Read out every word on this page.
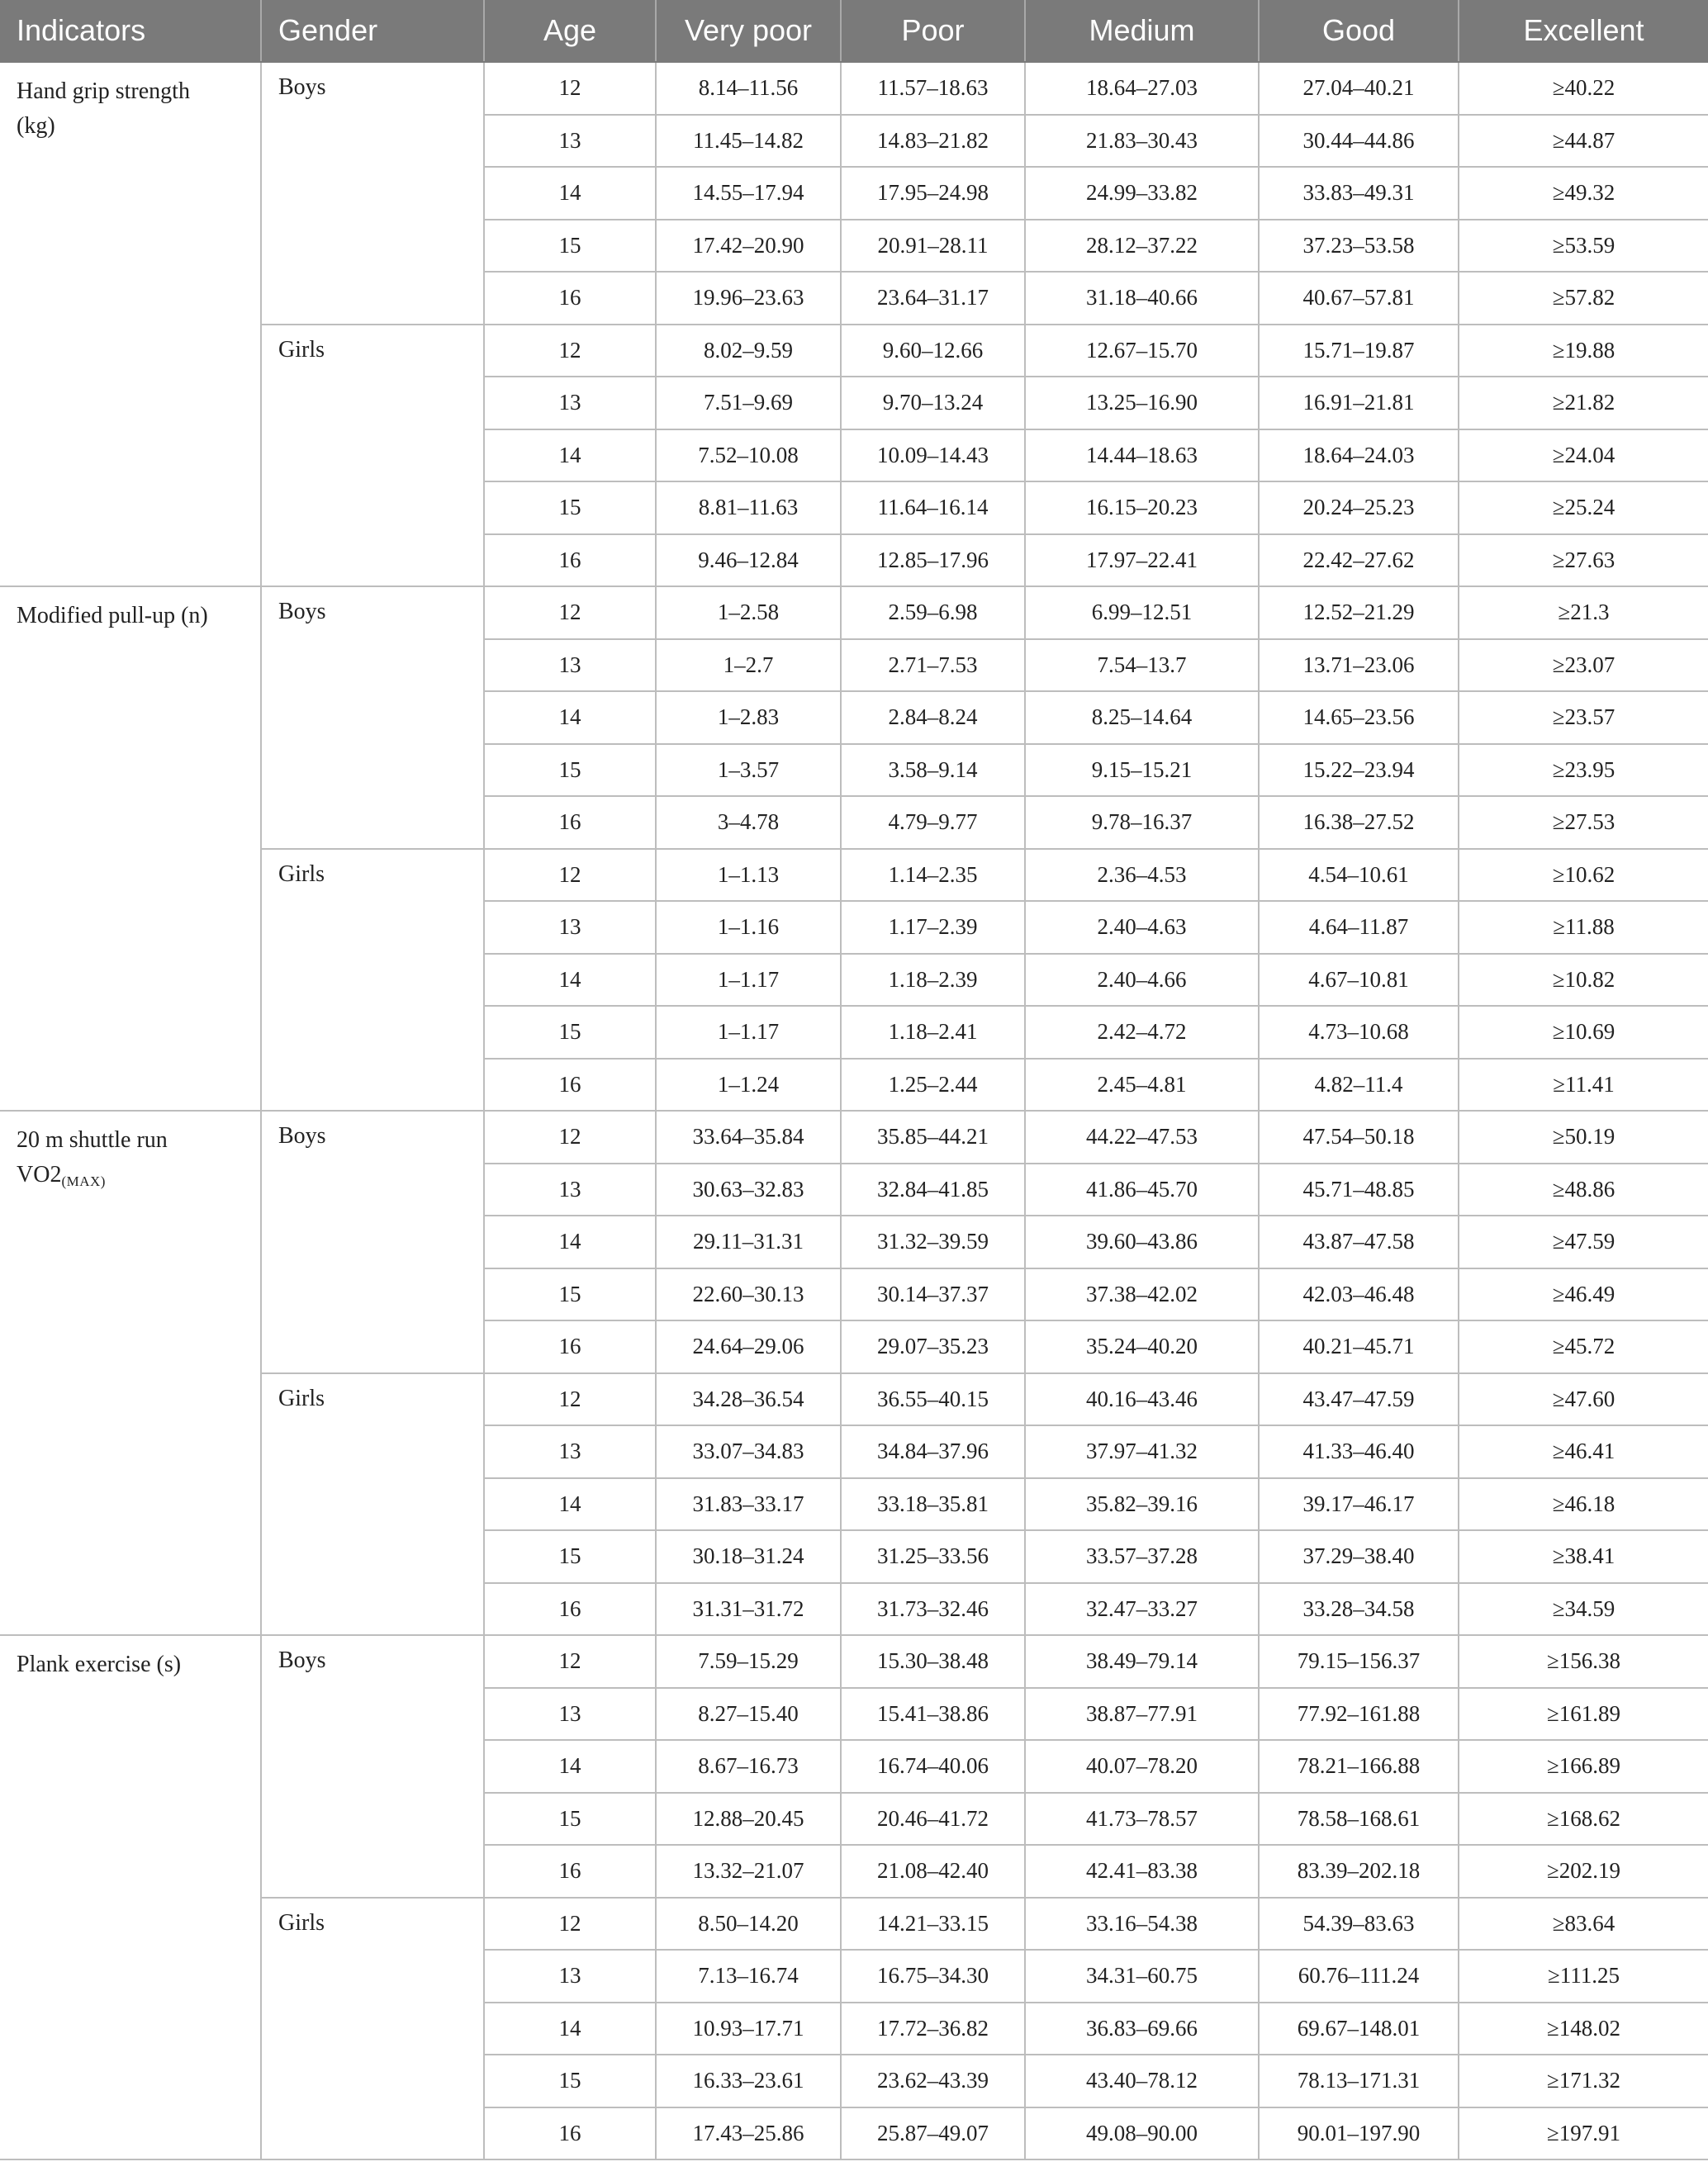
Indicators	Gender	Age	Very poor	Poor	Medium	Good	Excellent
Hand grip strength
(kg)	Boys	12	8.14–11.56	11.57–18.63	18.64–27.03	27.04–40.21	≥40.22
		13	11.45–14.82	14.83–21.82	21.83–30.43	30.44–44.86	≥44.87
		14	14.55–17.94	17.95–24.98	24.99–33.82	33.83–49.31	≥49.32
		15	17.42–20.90	20.91–28.11	28.12–37.22	37.23–53.58	≥53.59
		16	19.96–23.63	23.64–31.17	31.18–40.66	40.67–57.81	≥57.82
	Girls	12	8.02–9.59	9.60–12.66	12.67–15.70	15.71–19.87	≥19.88
		13	7.51–9.69	9.70–13.24	13.25–16.90	16.91–21.81	≥21.82
		14	7.52–10.08	10.09–14.43	14.44–18.63	18.64–24.03	≥24.04
		15	8.81–11.63	11.64–16.14	16.15–20.23	20.24–25.23	≥25.24
		16	9.46–12.84	12.85–17.96	17.97–22.41	22.42–27.62	≥27.63
Modified pull-up (n)	Boys	12	1–2.58	2.59–6.98	6.99–12.51	12.52–21.29	≥21.3
		13	1–2.7	2.71–7.53	7.54–13.7	13.71–23.06	≥23.07
		14	1–2.83	2.84–8.24	8.25–14.64	14.65–23.56	≥23.57
		15	1–3.57	3.58–9.14	9.15–15.21	15.22–23.94	≥23.95
		16	3–4.78	4.79–9.77	9.78–16.37	16.38–27.52	≥27.53
	Girls	12	1–1.13	1.14–2.35	2.36–4.53	4.54–10.61	≥10.62
		13	1–1.16	1.17–2.39	2.40–4.63	4.64–11.87	≥11.88
		14	1–1.17	1.18–2.39	2.40–4.66	4.67–10.81	≥10.82
		15	1–1.17	1.18–2.41	2.42–4.72	4.73–10.68	≥10.69
		16	1–1.24	1.25–2.44	2.45–4.81	4.82–11.4	≥11.41
20 m shuttle run
VO2(MAX)	Boys	12	33.64–35.84	35.85–44.21	44.22–47.53	47.54–50.18	≥50.19
		13	30.63–32.83	32.84–41.85	41.86–45.70	45.71–48.85	≥48.86
		14	29.11–31.31	31.32–39.59	39.60–43.86	43.87–47.58	≥47.59
		15	22.60–30.13	30.14–37.37	37.38–42.02	42.03–46.48	≥46.49
		16	24.64–29.06	29.07–35.23	35.24–40.20	40.21–45.71	≥45.72
	Girls	12	34.28–36.54	36.55–40.15	40.16–43.46	43.47–47.59	≥47.60
		13	33.07–34.83	34.84–37.96	37.97–41.32	41.33–46.40	≥46.41
		14	31.83–33.17	33.18–35.81	35.82–39.16	39.17–46.17	≥46.18
		15	30.18–31.24	31.25–33.56	33.57–37.28	37.29–38.40	≥38.41
		16	31.31–31.72	31.73–32.46	32.47–33.27	33.28–34.58	≥34.59
Plank exercise (s)	Boys	12	7.59–15.29	15.30–38.48	38.49–79.14	79.15–156.37	≥156.38
		13	8.27–15.40	15.41–38.86	38.87–77.91	77.92–161.88	≥161.89
		14	8.67–16.73	16.74–40.06	40.07–78.20	78.21–166.88	≥166.89
		15	12.88–20.45	20.46–41.72	41.73–78.57	78.58–168.61	≥168.62
		16	13.32–21.07	21.08–42.40	42.41–83.38	83.39–202.18	≥202.19
	Girls	12	8.50–14.20	14.21–33.15	33.16–54.38	54.39–83.63	≥83.64
		13	7.13–16.74	16.75–34.30	34.31–60.75	60.76–111.24	≥111.25
		14	10.93–17.71	17.72–36.82	36.83–69.66	69.67–148.01	≥148.02
		15	16.33–23.61	23.62–43.39	43.40–78.12	78.13–171.31	≥171.32
		16	17.43–25.86	25.87–49.07	49.08–90.00	90.01–197.90	≥197.91
